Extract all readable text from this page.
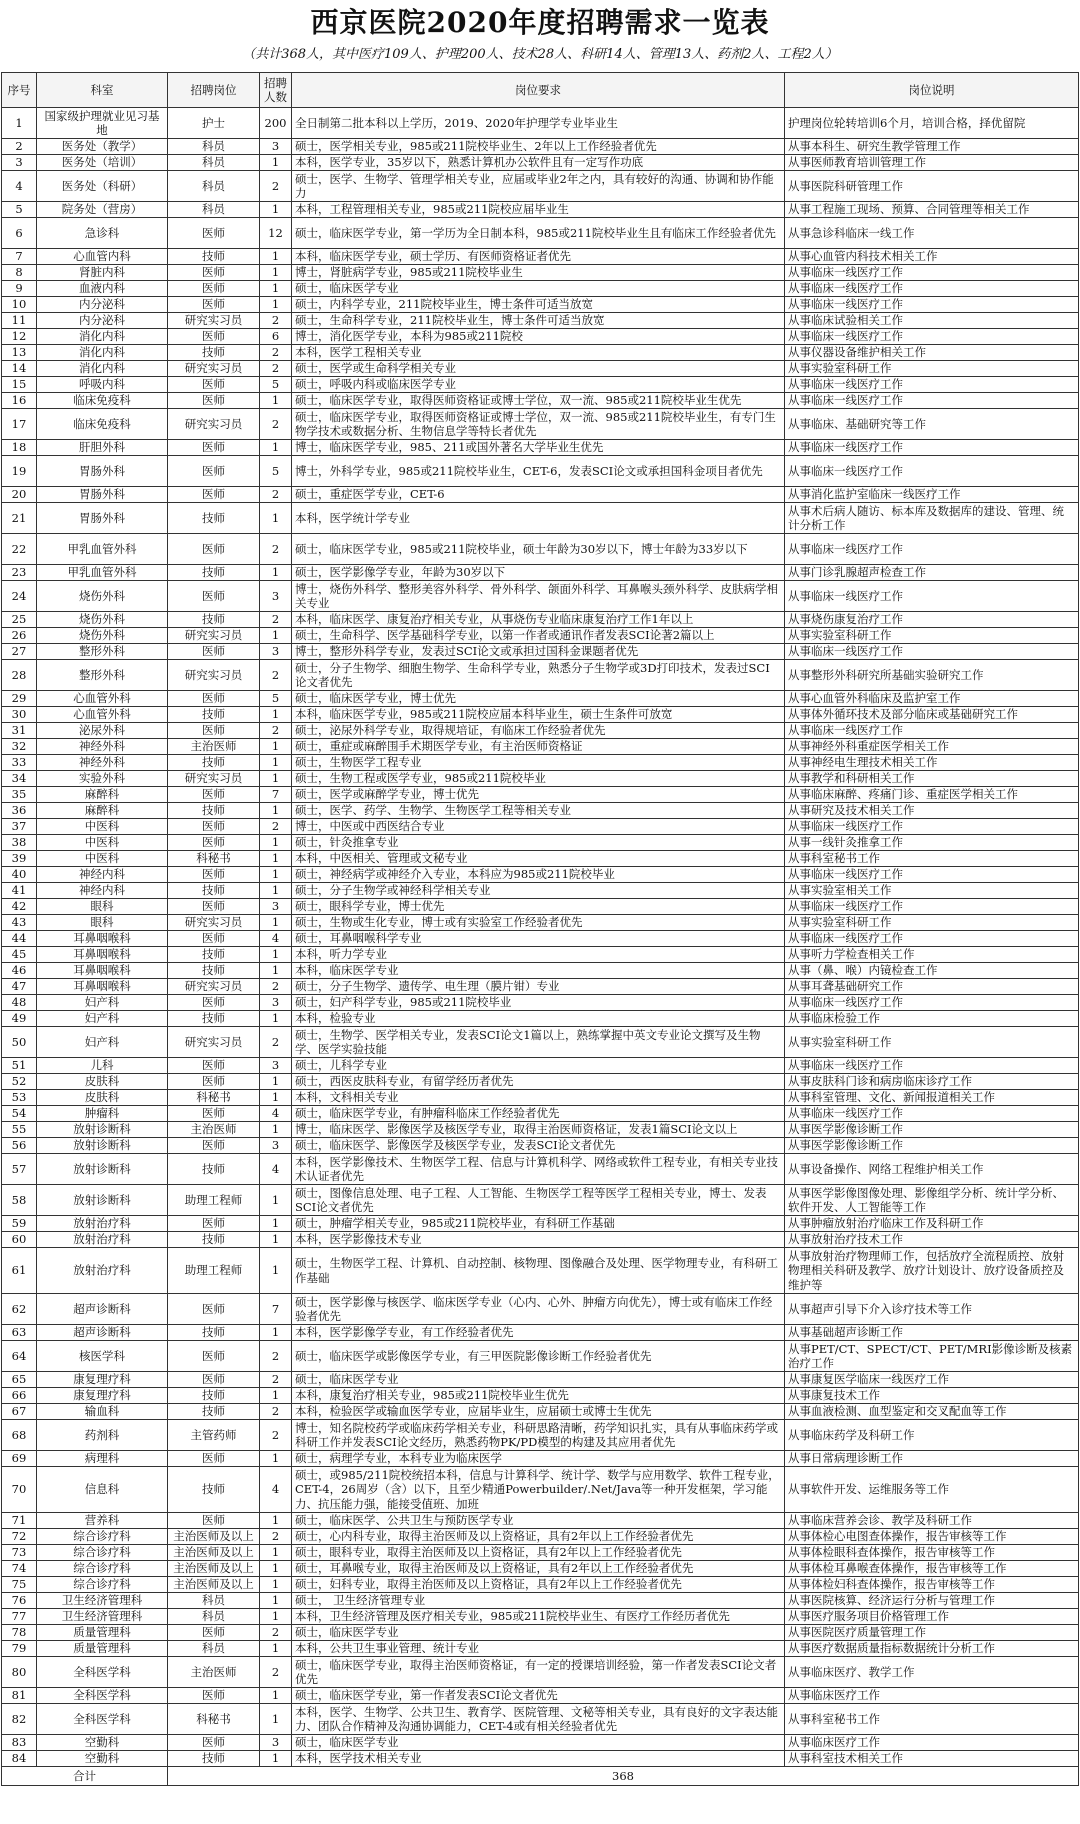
西京医院2020年度招聘需求一览表
（共计368人，其中医疗109人、护理200人、技术28人、科研14人、管理13人、药剂2人、工程2人）
序号	科室	招聘岗位	招聘人数	岗位要求	岗位说明
1	国家级护理就业见习基地	护士	200	全日制第二批本科以上学历，2019、2020年护理学专业毕业生	护理岗位轮转培训6个月，培训合格，择优留院
2	医务处（教学）	科员	3	硕士，医学相关专业，985或211院校毕业生、2年以上工作经验者优先	从事本科生、研究生教学管理工作
3	医务处（培训）	科员	1	本科，医学专业，35岁以下，熟悉计算机办公软件且有一定写作功底	从事医师教育培训管理工作
4	医务处（科研）	科员	2	硕士，医学、生物学、管理学相关专业，应届或毕业2年之内，具有较好的沟通、协调和协作能力	从事医院科研管理工作
5	院务处（营房）	科员	1	本科，工程管理相关专业，985或211院校应届毕业生	从事工程施工现场、预算、合同管理等相关工作
6	急诊科	医师	12	硕士，临床医学专业，第一学历为全日制本科，985或211院校毕业生且有临床工作经验者优先	从事急诊科临床一线工作
7	心血管内科	技师	1	本科，临床医学专业，硕士学历、有医师资格证者优先	从事心血管内科技术相关工作
8	肾脏内科	医师	1	博士，肾脏病学专业，985或211院校毕业生	从事临床一线医疗工作
9	血液内科	医师	1	硕士，临床医学专业	从事临床一线医疗工作
10	内分泌科	医师	1	硕士，内科学专业，211院校毕业生，博士条件可适当放宽	从事临床一线医疗工作
11	内分泌科	研究实习员	2	硕士，生命科学专业，211院校毕业生，博士条件可适当放宽	从事临床试验相关工作
12	消化内科	医师	6	博士，消化医学专业，本科为985或211院校	从事临床一线医疗工作
13	消化内科	技师	2	本科，医学工程相关专业	从事仪器设备维护相关工作
14	消化内科	研究实习员	2	硕士，医学或生命科学相关专业	从事实验室科研工作
15	呼吸内科	医师	5	硕士，呼吸内科或临床医学专业	从事临床一线医疗工作
16	临床免疫科	医师	1	硕士，临床医学专业，取得医师资格证或博士学位，双一流、985或211院校毕业生优先	从事临床一线医疗工作
17	临床免疫科	研究实习员	2	硕士，临床医学专业，取得医师资格证或博士学位，双一流、985或211院校毕业生，有专门生物学技术或数据分析、生物信息学等特长者优先	从事临床、基础研究等工作
18	肝胆外科	医师	1	博士，临床医学专业，985、211或国外著名大学毕业生优先	从事临床一线医疗工作
19	胃肠外科	医师	5	博士，外科学专业，985或211院校毕业生，CET-6，发表SCI论文或承担国科金项目者优先	从事临床一线医疗工作
20	胃肠外科	医师	2	硕士，重症医学专业，CET-6	从事消化监护室临床一线医疗工作
21	胃肠外科	技师	1	本科，医学统计学专业	从事术后病人随访、标本库及数据库的建设、管理、统计分析工作
22	甲乳血管外科	医师	2	硕士，临床医学专业，985或211院校毕业，硕士年龄为30岁以下，博士年龄为33岁以下	从事临床一线医疗工作
23	甲乳血管外科	技师	1	硕士，医学影像学专业，年龄为30岁以下	从事门诊乳腺超声检查工作
24	烧伤外科	医师	3	博士，烧伤外科学、整形美容外科学、骨外科学、颌面外科学、耳鼻喉头颈外科学、皮肤病学相关专业	从事临床一线医疗工作
25	烧伤外科	技师	2	本科，临床医学、康复治疗相关专业，从事烧伤专业临床康复治疗工作1年以上	从事烧伤康复治疗工作
26	烧伤外科	研究实习员	1	硕士，生命科学、医学基础科学专业，以第一作者或通讯作者发表SCI论著2篇以上	从事实验室科研工作
27	整形外科	医师	3	博士，整形外科学专业，发表过SCI论文或承担过国科金课题者优先	从事临床一线医疗工作
28	整形外科	研究实习员	2	硕士，分子生物学、细胞生物学、生命科学专业，熟悉分子生物学或3D打印技术，发表过SCI论文者优先	从事整形外科研究所基础实验研究工作
29	心血管外科	医师	5	硕士，临床医学专业，博士优先	从事心血管外科临床及监护室工作
30	心血管外科	技师	1	本科，临床医学专业，985或211院校应届本科毕业生，硕士生条件可放宽	从事体外循环技术及部分临床或基础研究工作
31	泌尿外科	医师	2	硕士，泌尿外科学专业，取得规培证，有临床工作经验者优先	从事临床一线医疗工作
32	神经外科	主治医师	1	硕士，重症或麻醉围手术期医学专业，有主治医师资格证	从事神经外科重症医学相关工作
33	神经外科	技师	1	硕士，生物医学工程专业	从事神经电生理技术相关工作
34	实验外科	研究实习员	1	硕士，生物工程或医学专业，985或211院校毕业	从事教学和科研相关工作
35	麻醉科	医师	7	硕士，医学或麻醉学专业，博士优先	从事临床麻醉、疼痛门诊、重症医学相关工作
36	麻醉科	技师	1	硕士，医学、药学、生物学、生物医学工程等相关专业	从事研究及技术相关工作
37	中医科	医师	2	博士，中医或中西医结合专业	从事临床一线医疗工作
38	中医科	医师	1	硕士，针灸推拿专业	从事一线针灸推拿工作
39	中医科	科秘书	1	本科，中医相关、管理或文秘专业	从事科室秘书工作
40	神经内科	医师	1	硕士，神经病学或神经介入专业，本科应为985或211院校毕业	从事临床一线医疗工作
41	神经内科	技师	1	硕士，分子生物学或神经科学相关专业	从事实验室相关工作
42	眼科	医师	3	硕士，眼科学专业，博士优先	从事临床一线医疗工作
43	眼科	研究实习员	1	硕士，生物或生化专业，博士或有实验室工作经验者优先	从事实验室科研工作
44	耳鼻咽喉科	医师	4	硕士，耳鼻咽喉科学专业	从事临床一线医疗工作
45	耳鼻咽喉科	技师	1	本科，听力学专业	从事听力学检查相关工作
46	耳鼻咽喉科	技师	1	本科，临床医学专业	从事（鼻、喉）内镜检查工作
47	耳鼻咽喉科	研究实习员	2	硕士，分子生物学、遗传学、电生理（膜片钳）专业	从事耳聋基础研究工作
48	妇产科	医师	3	硕士，妇产科学专业，985或211院校毕业	从事临床一线医疗工作
49	妇产科	技师	1	本科，检验专业	从事临床检验工作
50	妇产科	研究实习员	2	硕士，生物学、医学相关专业，发表SCI论文1篇以上，熟练掌握中英文专业论文撰写及生物学、医学实验技能	从事实验室科研工作
51	儿科	医师	3	硕士，儿科学专业	从事临床一线医疗工作
52	皮肤科	医师	1	硕士，西医皮肤科专业，有留学经历者优先	从事皮肤科门诊和病房临床诊疗工作
53	皮肤科	科秘书	1	本科，文科相关专业	从事科室管理、文化、新闻报道相关工作
54	肿瘤科	医师	4	硕士，临床医学专业，有肿瘤科临床工作经验者优先	从事临床一线医疗工作
55	放射诊断科	主治医师	1	博士，临床医学、影像医学及核医学专业，取得主治医师资格证，发表1篇SCI论文以上	从事医学影像诊断工作
56	放射诊断科	医师	3	硕士，临床医学、影像医学及核医学专业，发表SCI论文者优先	从事医学影像诊断工作
57	放射诊断科	技师	4	本科，医学影像技术、生物医学工程、信息与计算机科学、网络或软件工程专业，有相关专业技术认证者优先	从事设备操作、网络工程维护相关工作
58	放射诊断科	助理工程师	1	硕士，图像信息处理、电子工程、人工智能、生物医学工程等医学工程相关专业，博士、发表SCI论文者优先	从事医学影像图像处理、影像组学分析、统计学分析、软件开发、人工智能等工作
59	放射治疗科	医师	1	硕士，肿瘤学相关专业，985或211院校毕业，有科研工作基础	从事肿瘤放射治疗临床工作及科研工作
60	放射治疗科	技师	1	本科，医学影像技术专业	从事放射治疗技术工作
61	放射治疗科	助理工程师	1	硕士，生物医学工程、计算机、自动控制、核物理、图像融合及处理、医学物理专业，有科研工作基础	从事放射治疗物理师工作，包括放疗全流程质控、放射物理相关科研及教学、放疗计划设计、放疗设备质控及维护等
62	超声诊断科	医师	7	硕士，医学影像与核医学、临床医学专业（心内、心外、肿瘤方向优先），博士或有临床工作经验者优先	从事超声引导下介入诊疗技术等工作
63	超声诊断科	技师	1	本科，医学影像学专业，有工作经验者优先	从事基础超声诊断工作
64	核医学科	医师	2	硕士，临床医学或影像医学专业，有三甲医院影像诊断工作经验者优先	从事PET/CT、SPECT/CT、PET/MRI影像诊断及核素治疗工作
65	康复理疗科	医师	2	硕士，临床医学专业	从事康复医学临床一线医疗工作
66	康复理疗科	技师	1	本科，康复治疗相关专业，985或211院校毕业生优先	从事康复技术工作
67	输血科	技师	2	本科，检验医学或输血医学专业，应届毕业生，应届硕士或博士生优先	从事血液检测、血型鉴定和交叉配血等工作
68	药剂科	主管药师	2	博士，知名院校药学或临床药学相关专业，科研思路清晰，药学知识扎实，具有从事临床药学或科研工作并发表SCI论文经历，熟悉药物PK/PD模型的构建及其应用者优先	从事临床药学及科研工作
69	病理科	医师	1	硕士，病理学专业，本科专业为临床医学	从事日常病理诊断工作
70	信息科	技师	4	硕士，或985/211院校统招本科，信息与计算科学、统计学、数学与应用数学、软件工程专业，CET-4，26周岁（含）以下，且至少精通Powerbuilder/.Net/Java等一种开发框架，学习能力、抗压能力强，能接受值班、加班	从事软件开发、运维服务等工作
71	营养科	医师	1	硕士，临床医学、公共卫生与预防医学专业	从事临床营养会诊、教学及科研工作
72	综合诊疗科	主治医师及以上	2	硕士，心内科专业，取得主治医师及以上资格证，具有2年以上工作经验者优先	从事体检心电图查体操作，报告审核等工作
73	综合诊疗科	主治医师及以上	1	硕士，眼科专业，取得主治医师及以上资格证，具有2年以上工作经验者优先	从事体检眼科查体操作，报告审核等工作
74	综合诊疗科	主治医师及以上	1	硕士，耳鼻喉专业，取得主治医师及以上资格证，具有2年以上工作经验者优先	从事体检耳鼻喉查体操作，报告审核等工作
75	综合诊疗科	主治医师及以上	1	硕士，妇科专业，取得主治医师及以上资格证，具有2年以上工作经验者优先	从事体检妇科查体操作，报告审核等工作
76	卫生经济管理科	科员	1	硕士， 卫生经济管理专业	从事医院核算、经济运行分析与管理工作
77	卫生经济管理科	科员	1	本科，卫生经济管理及医疗相关专业，985或211院校毕业生、有医疗工作经历者优先	从事医疗服务项目价格管理工作
78	质量管理科	医师	2	硕士，临床医学专业	从事医院医疗质量管理工作
79	质量管理科	科员	1	本科，公共卫生事业管理、统计专业	从事医疗数据质量指标数据统计分析工作
80	全科医学科	主治医师	2	硕士，临床医学专业，取得主治医师资格证，有一定的授课培训经验，第一作者发表SCI论文者优先	从事临床医疗、教学工作
81	全科医学科	医师	1	硕士，临床医学专业，第一作者发表SCI论文者优先	从事临床医疗工作
82	全科医学科	科秘书	1	本科，医学、生物学、公共卫生、教育学、医院管理、文秘等相关专业，具有良好的文字表达能力、团队合作精神及沟通协调能力，CET-4或有相关经验者优先	从事科室秘书工作
83	空勤科	医师	3	硕士，临床医学专业	从事临床医疗工作
84	空勤科	技师	1	本科，医学技术相关专业	从事科室技术相关工作
合计		368			
